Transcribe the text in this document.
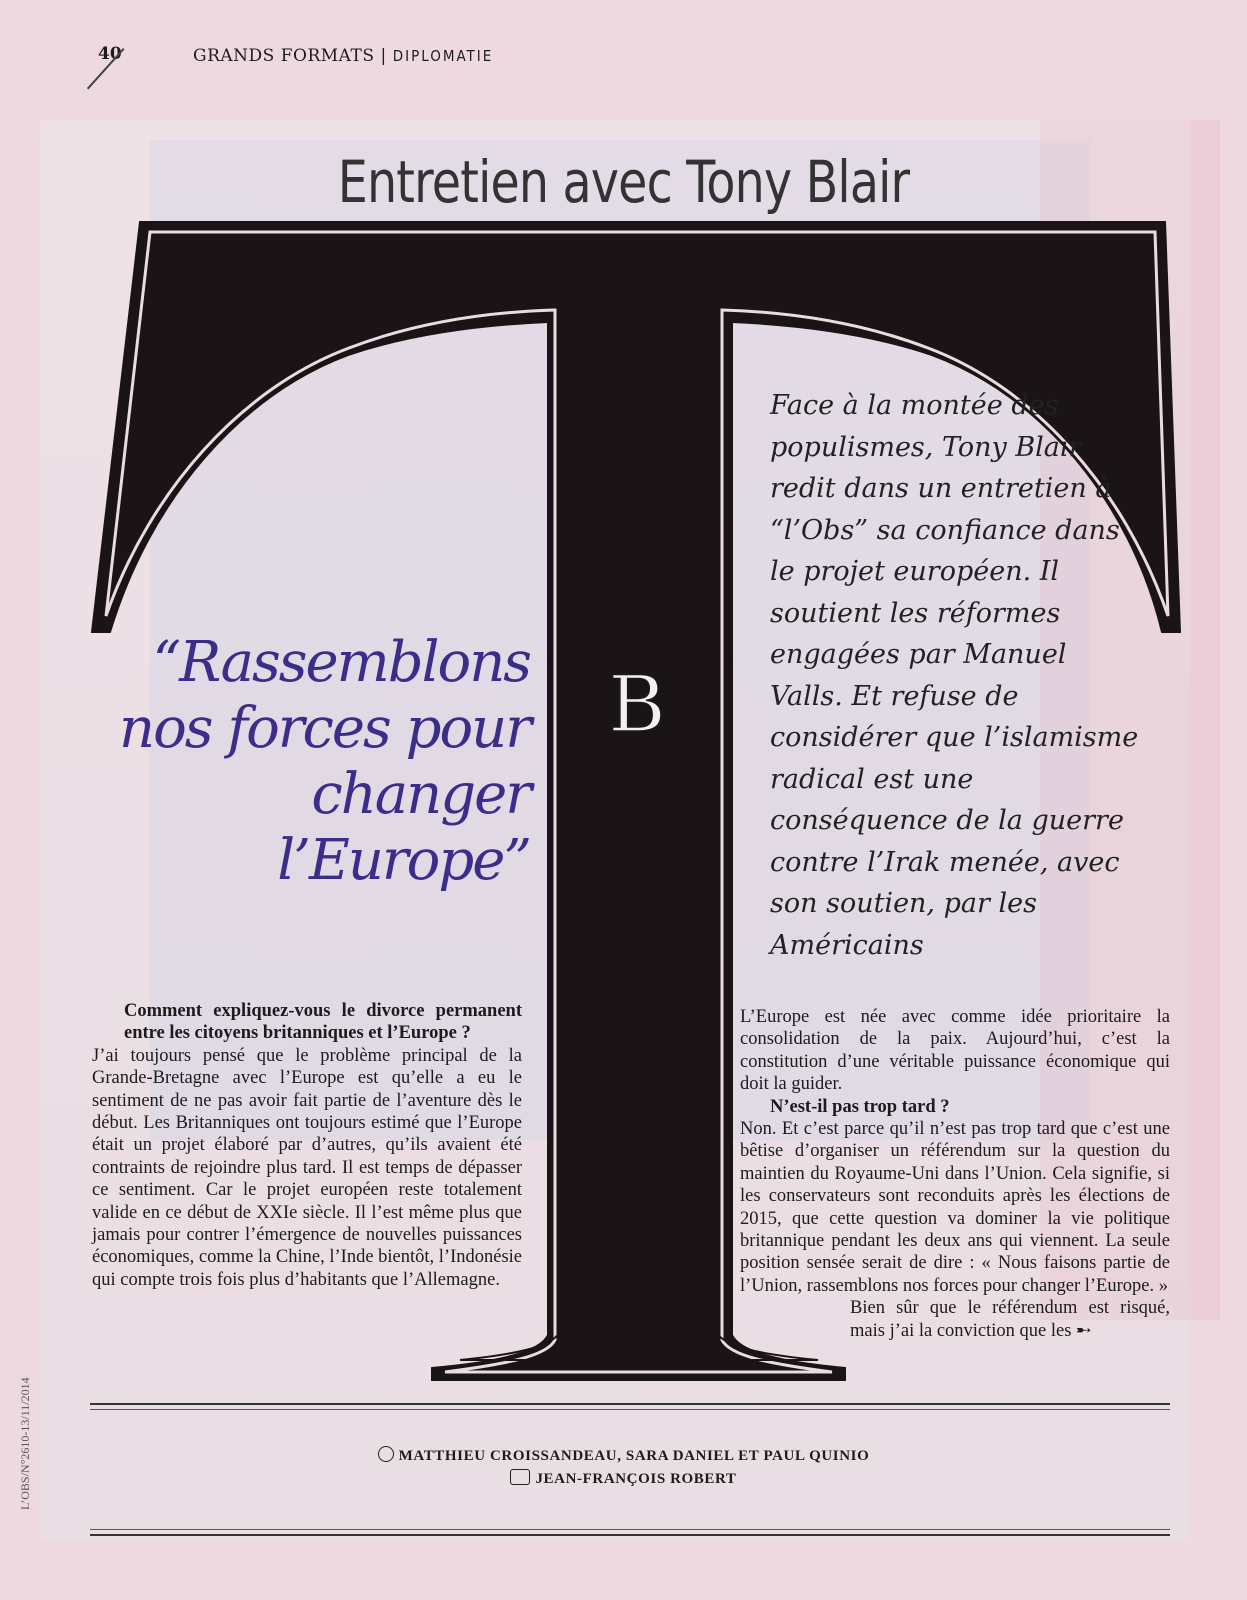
40	GRANDS FORMATS | DIPLOMATIE
Entretien avec Tony Blair
B
“Rassemblons nos forces pour changer l’Europe”
Face à la montée des populismes, Tony Blair redit dans un entretien à “l’Obs” sa confiance dans le projet européen. Il soutient les réformes engagées par Manuel Valls. Et refuse de considérer que l’islamisme radical est une conséquence de la guerre contre l’Irak menée, avec son soutien, par les Américains
Comment expliquez-vous le divorce permanent entre les citoyens britanniques et l’Europe ?

J’ai toujours pensé que le problème principal de la Grande-Bretagne avec l’Europe est qu’elle a eu le sentiment de ne pas avoir fait partie de l’aventure dès le début. Les Britanniques ont toujours estimé que l’Europe était un projet élaboré par d’autres, qu’ils avaient été contraints de rejoindre plus tard. Il est temps de dépasser ce sentiment. Car le projet européen reste totalement valide en ce début de XXIe siècle. Il l’est même plus que jamais pour contrer l’émergence de nouvelles puissances économiques, comme la Chine, l’Inde bientôt, l’Indonésie qui compte trois fois plus d’habitants que l’Allemagne.

L’Europe est née avec comme idée prioritaire la consolidation de la paix. Aujourd’hui, c’est la constitution d’une véritable puissance économique qui doit la guider.

N’est-il pas trop tard ?

Non. Et c’est parce qu’il n’est pas trop tard que c’est une bêtise d’organiser un référendum sur la question du maintien du Royaume-Uni dans l’Union. Cela signifie, si les conservateurs sont reconduits après les élections de 2015, que cette question va dominer la vie politique britannique pendant les deux ans qui viennent. La seule position sensée serait de dire : « Nous faisons partie de l’Union, rassemblons nos forces pour changer l’Europe. »

Bien sûr que le référendum est risqué, mais j’ai la conviction que les ➸

MATTHIEU CROISSANDEAU, SARA DANIEL ET PAUL QUINIO
JEAN-FRANÇOIS ROBERT
L’OBS/N°2610-13/11/2014
